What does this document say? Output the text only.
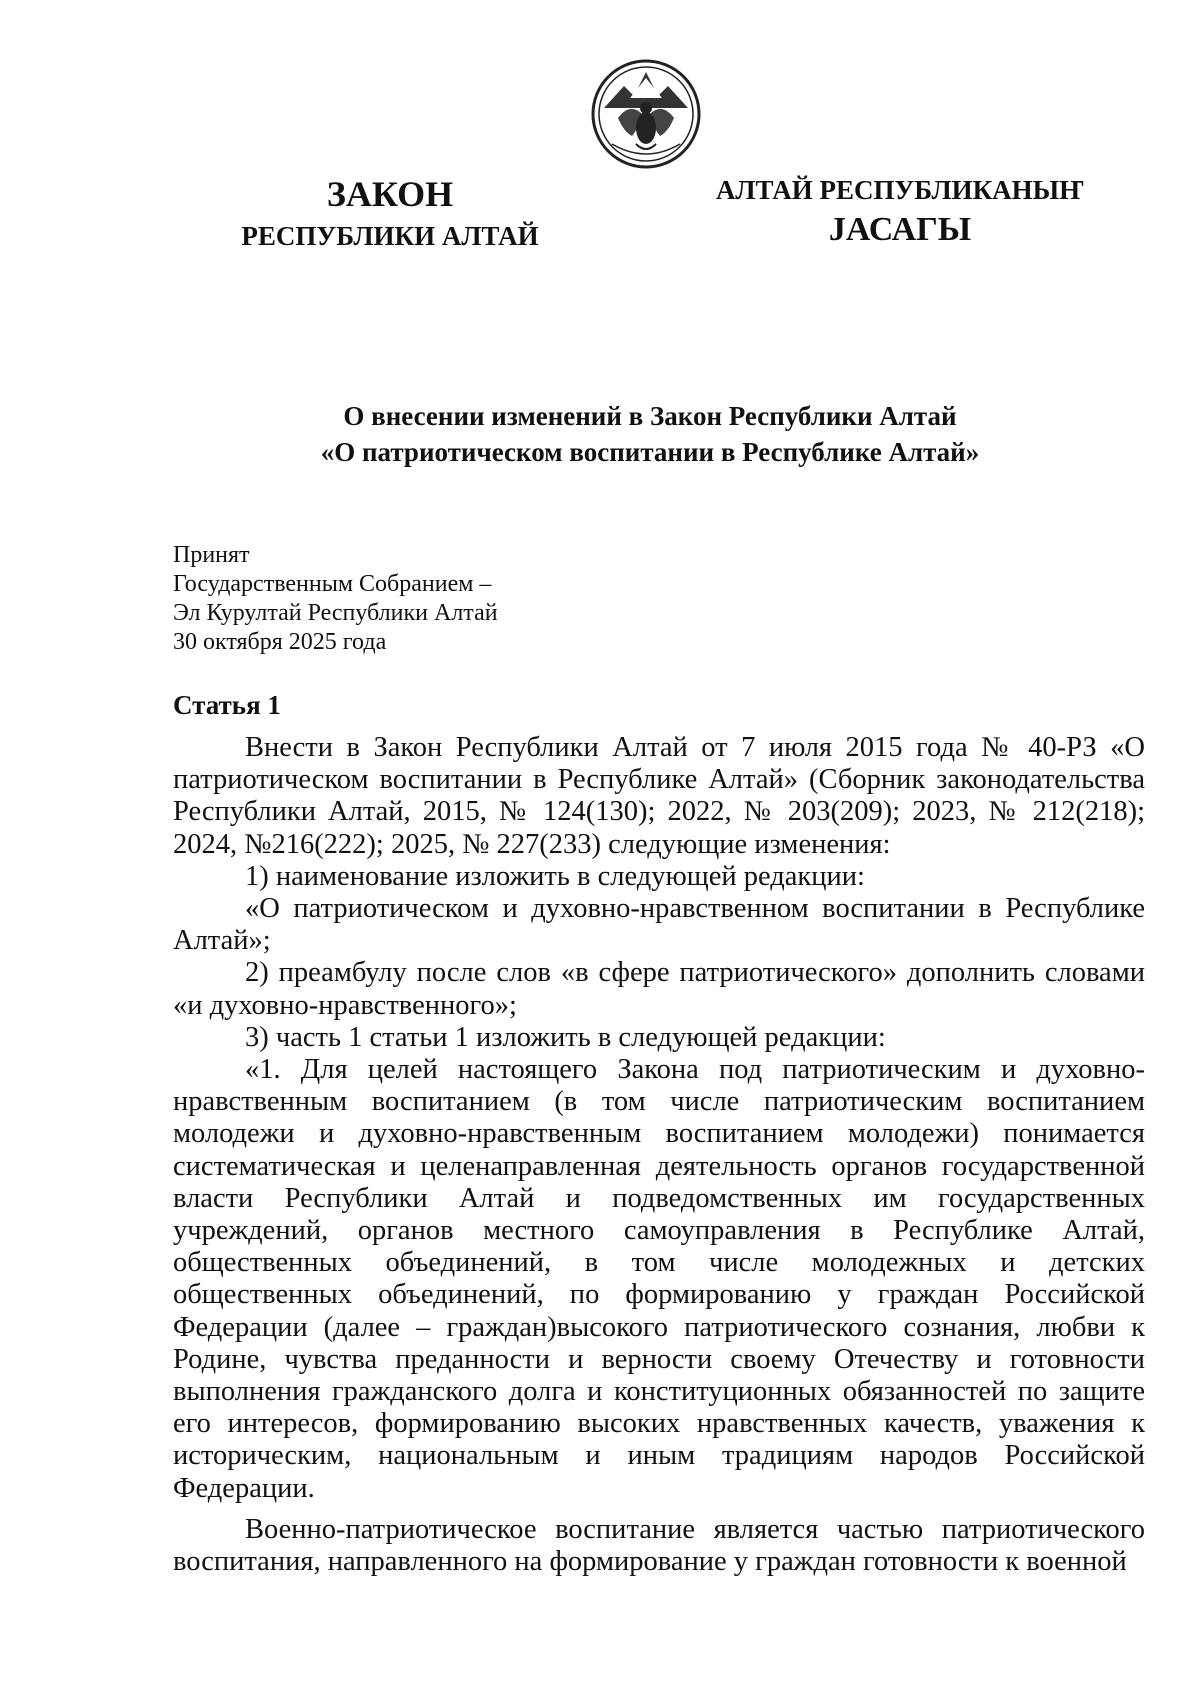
ЗАКОН
РЕСПУБЛИКИ АЛТАЙ
АЛТАЙ РЕСПУБЛИКАНЫҤ
ЈАСАГЫ
О внесении изменений в Закон Республики Алтай
«О патриотическом воспитании в Республике Алтай»
Принят
Государственным Собранием –
Эл Курултай Республики Алтай
30 октября 2025 года
Статья 1

Внести в Закон Республики Алтай от 7 июля 2015 года № 40-РЗ «О патриотическом воспитании в Республике Алтай» (Сборник законодательства Республики Алтай, 2015, № 124(130); 2022, № 203(209); 2023, № 212(218); 2024, №216(222); 2025, № 227(233) следующие изменения:

1) наименование изложить в следующей редакции:

«О патриотическом и духовно-нравственном воспитании в Республике Алтай»;

2) преамбулу после слов «в сфере патриотического» дополнить словами «и духовно-нравственного»;

3) часть 1 статьи 1 изложить в следующей редакции:

«1. Для целей настоящего Закона под патриотическим и духовно-нравственным воспитанием (в том числе патриотическим воспитанием молодежи и духовно-нравственным воспитанием молодежи) понимается систематическая и целенаправленная деятельность органов государственной власти Республики Алтай и подведомственных им государственных учреждений, органов местного самоуправления в Республике Алтай, общественных объединений, в том числе молодежных и детских общественных объединений, по формированию у граждан Российской Федерации (далее – граждан)высокого патриотического сознания, любви к Родине, чувства преданности и верности своему Отечеству и готовности выполнения гражданского долга и конституционных обязанностей по защите его интересов, формированию высоких нравственных качеств, уважения к историческим, национальным и иным традициям народов Российской Федерации.

Военно-патриотическое воспитание является частью патриотического воспитания, направленного на формирование у граждан готовности к военной
